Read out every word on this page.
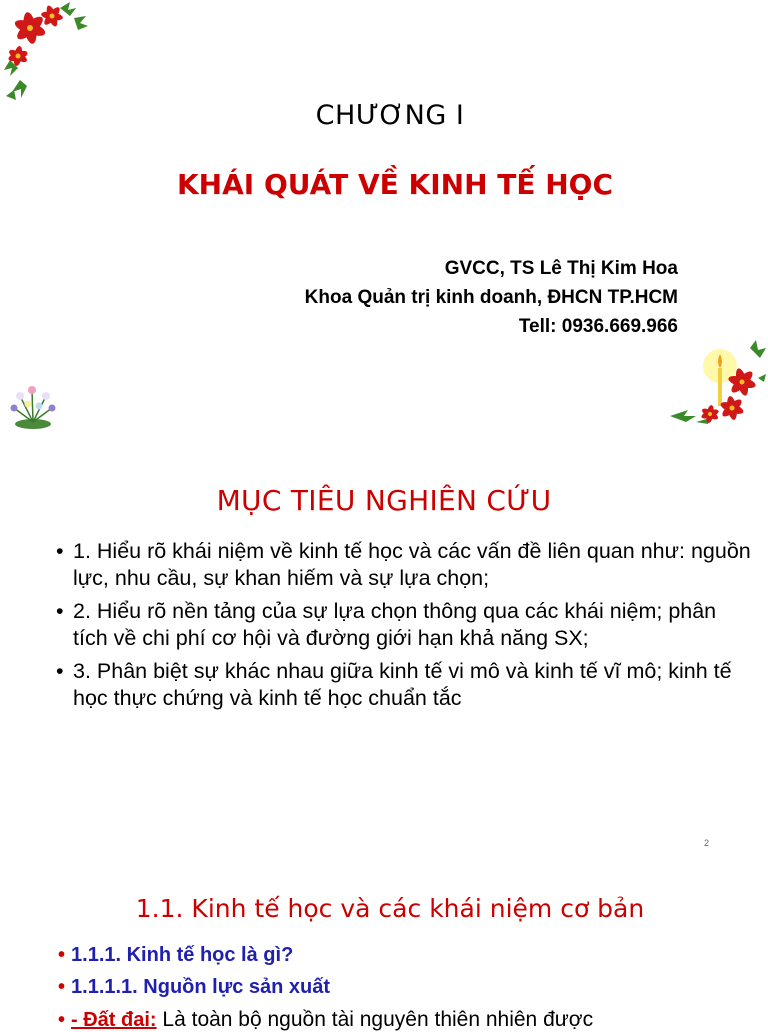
CHƯƠNG I
KHÁI QUÁT VỀ KINH TẾ HỌC
GVCC, TS Lê Thị Kim Hoa
Khoa Quản trị kinh doanh, ĐHCN TP.HCM
Tell: 0936.669.966
MỤC TIÊU NGHIÊN CỨU
• 1. Hiểu rõ khái niệm về kinh tế học và các vấn đề liên quan như: nguồn lực, nhu cầu, sự khan hiếm và sự lựa chọn;
• 2. Hiểu rõ nền tảng của sự lựa chọn thông qua các khái niệm; phân tích về chi phí cơ hội và đường giới hạn khả năng SX;
• 3. Phân biệt sự khác nhau giữa kinh tế vi mô và kinh tế vĩ mô; kinh tế học thực chứng và kinh tế học chuẩn tắc
2
1.1. Kinh tế học và các khái niệm cơ bản
• 1.1.1. Kinh tế học là gì?
• 1.1.1.1. Nguồn lực sản xuất
• - Đất đai: Là toàn bộ nguồn tài nguyên thiên nhiên được
